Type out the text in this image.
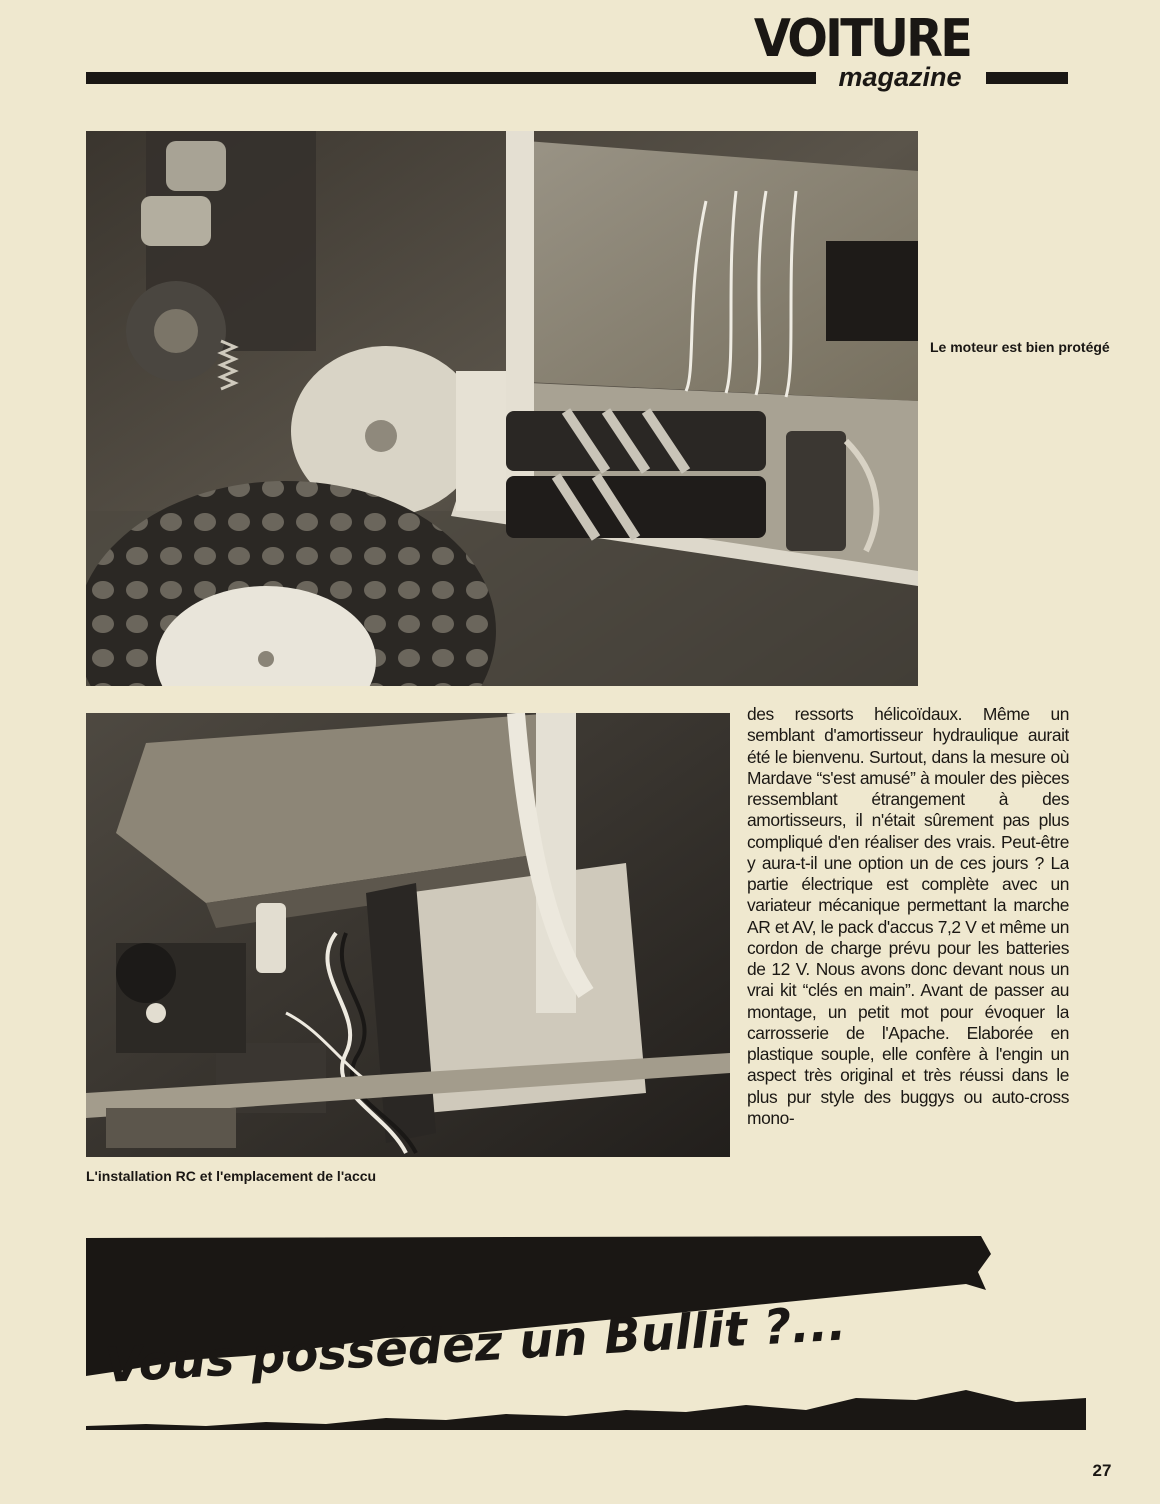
VOITURE
magazine
Le moteur est bien protégé
L'installation RC et l'emplacement de l'accu
des ressorts hélicoïdaux. Même un semblant d'amortisseur hydraulique aurait été le bienvenu. Surtout, dans la mesure où Mardave “s'est amusé” à mouler des pièces ressemblant étrangement à des amortisseurs, il n'était sûrement pas plus compliqué d'en réaliser des vrais. Peut-être y aura-t-il une option un de ces jours ? La partie électrique est complète avec un variateur mécanique permettant la marche AR et AV, le pack d'accus 7,2 V et même un cordon de charge prévu pour les batteries de 12 V. Nous avons donc devant nous un vrai kit “clés en main”. Avant de passer au montage, un petit mot pour évoquer la carrosserie de l'Apache. Elaborée en plastique souple, elle confère à l'engin un aspect très original et très réussi dans le plus pur style des buggys ou auto-cross mono-
Vous possédez un Bullit ?...
27
